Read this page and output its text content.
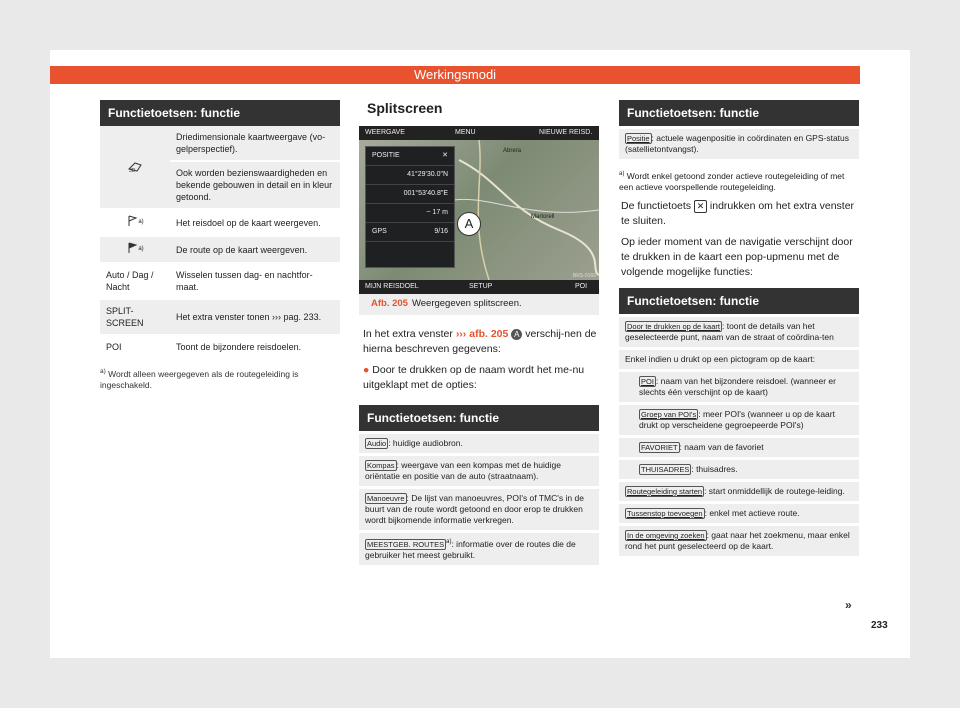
Werkingsmodi
Functietoetsen: functie
3D	Driedimensionale kaartweergave (vo-gelperspectief).
	Ook worden bezienswaardigheden en bekende gebouwen in detail en in kleur getoond.
$^{a)}$	Het reisdoel op de kaart weergeven.
$^{a)}$	De route op de kaart weergeven.
Auto / Dag / Nacht	Wisselen tussen dag- en nachtfor-maat.
SPLIT-SCREEN	Het extra venster tonen ››› pag. 233.
POI	Toont de bijzondere reisdoelen.
$^{a)}$ Wordt alleen weergegeven als de routegeleiding is ingeschakeld.
Splitscreen
WEERGAVE	MENU	NIEUWE REISD.
Abrera
Martorell
POSITIE	✕
41°29'30.0"N
001°53'40.8"E
~ 17 m
GPS	9/16
A
BRS-0160
MIJN REISDOEL	SETUP	POI
Afb. 205 Weergegeven splitscreen.
In het extra venster ››› afb. 205 A verschij-nen de hierna beschreven gegevens:
● Door te drukken op de naam wordt het me-nu uitgeklapt met de opties:
Functietoetsen: functie
Audio : huidige audiobron.
Kompas : weergave van een kompas met de huidige oriëntatie en positie van de auto (straatnaam).
Manoeuvre : De lijst van manoeuvres, POI's of TMC's in de buurt van de route wordt getoond en door erop te drukken wordt bijkomende informatie verkregen.
MEESTGEB. ROUTES $^{a)}$: informatie over de routes die de gebruiker het meest gebruikt.
Functietoetsen: functie
Positie : actuele wagenpositie in coördinaten en GPS-status (satellietontvangst).
$^{a)}$ Wordt enkel getoond zonder actieve routegeleiding of met een actieve voorspellende routegeleiding.
De functietoets ✕ indrukken om het extra venster te sluiten.
Op ieder moment van de navigatie verschijnt door te drukken in de kaart een pop-upmenu met de volgende mogelijke functies:
Functietoetsen: functie
Door te drukken op de kaart : toont de details van het geselecteerde punt, naam van de straat of coördina-ten
Enkel indien u drukt op een pictogram op de kaart:
POI : naam van het bijzondere reisdoel. (wanneer er slechts één verschijnt op de kaart)
Groep van POI's : meer POI's (wanneer u op de kaart drukt op verscheidene gegroepeerde POI's)
FAVORIET : naam van de favoriet
THUISADRES : thuisadres.
Routegeleiding starten : start onmiddellijk de routege-leiding.
Tussenstop toevoegen : enkel met actieve route.
In de omgeving zoeken : gaat naar het zoekmenu, maar enkel rond het punt geselecteerd op de kaart.
»
233
